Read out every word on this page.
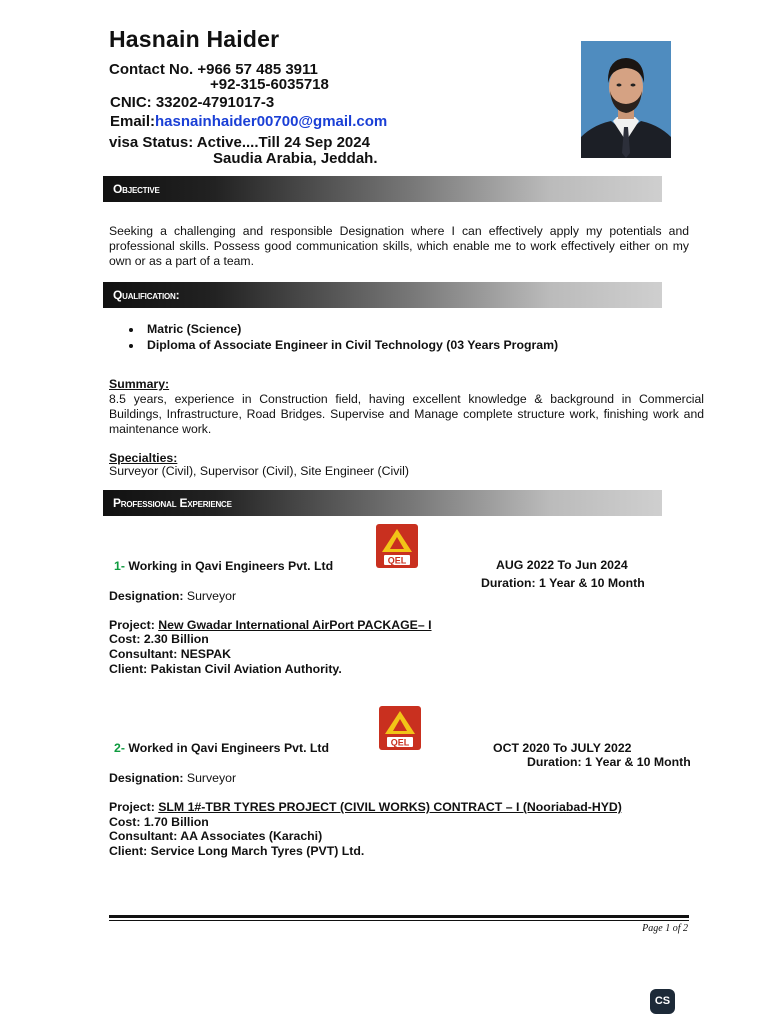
Hasnain Haider
Contact No. +966 57 485 3911
+92-315-6035718
CNIC: 33202-4791017-3
Email:hasnainhaider00700@gmail.com
visa Status: Active....Till 24 Sep 2024
Saudia Arabia, Jeddah.
Objective
Seeking a challenging and responsible Designation where I can effectively apply my potentials and professional skills. Possess good communication skills, which enable me to work effectively either on my own or as a part of a team.
Qualification:
• Matric (Science)
• Diploma of Associate Engineer in Civil Technology (03 Years Program)
Summary:
8.5 years, experience in Construction field, having excellent knowledge & background in Commercial Buildings, Infrastructure, Road Bridges. Supervise and Manage complete structure work, finishing work and maintenance work.
Specialties:
Surveyor (Civil), Supervisor (Civil), Site Engineer (Civil)
Professional Experience
QEL
1- Working in Qavi Engineers Pvt. Ltd	AUG 2022 To Jun 2024
Duration: 1 Year & 10 Month
Designation: Surveyor
Project: New Gwadar International AirPort PACKAGE– I
Cost: 2.30 Billion
Consultant: NESPAK
Client: Pakistan Civil Aviation Authority.
QEL
2- Worked in Qavi Engineers Pvt. Ltd	OCT 2020 To JULY 2022
Duration: 1 Year & 10 Month
Designation: Surveyor
Project: SLM 1#-TBR TYRES PROJECT (CIVIL WORKS) CONTRACT – I (Nooriabad-HYD)
Cost: 1.70 Billion
Consultant: AA Associates (Karachi)
Client: Service Long March Tyres (PVT) Ltd.
Page 1 of 2
CS
